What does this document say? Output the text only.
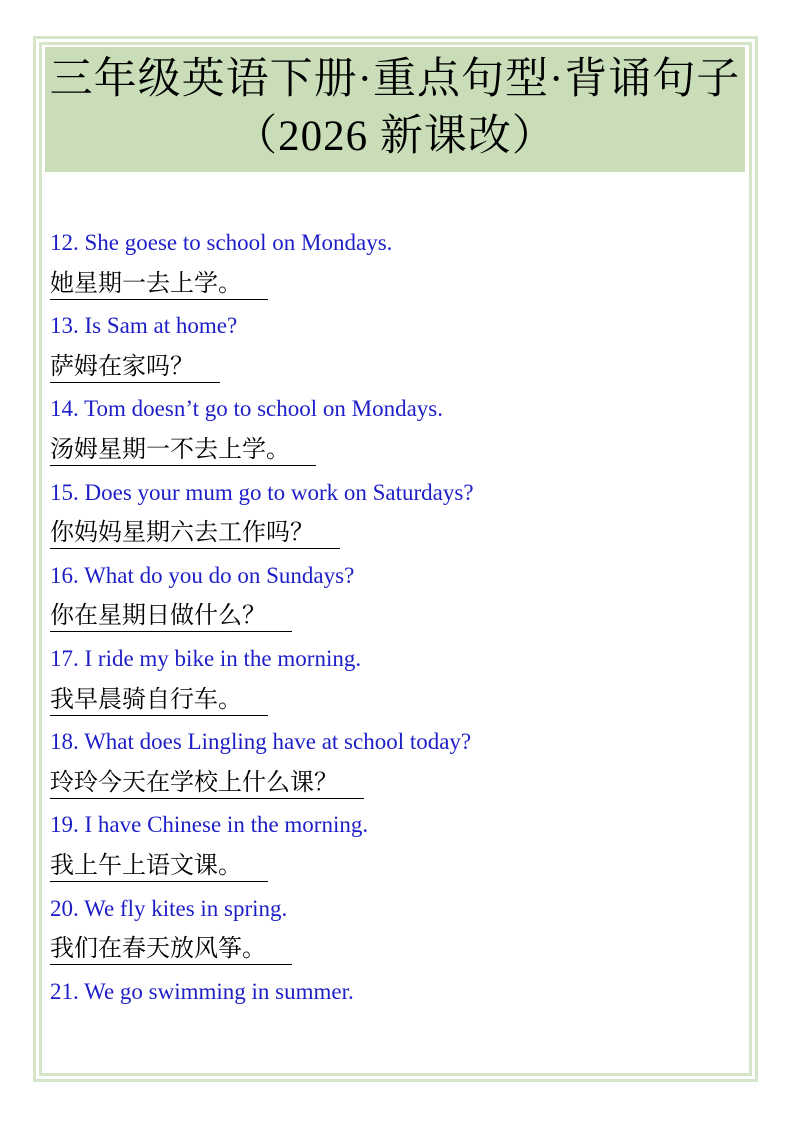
三年级英语下册·重点句型·背诵句子
（2026 新课改）
12. She goese to school on Mondays.
她星期一去上学。
13. Is Sam at home?
萨姆在家吗？
14. Tom doesn’t go to school on Mondays.
汤姆星期一不去上学。
15. Does your mum go to work on Saturdays?
你妈妈星期六去工作吗？
16. What do you do on Sundays?
你在星期日做什么？
17. I ride my bike in the morning.
我早晨骑自行车。
18. What does Lingling have at school today?
玲玲今天在学校上什么课？
19. I have Chinese in the morning.
我上午上语文课。
20. We fly kites in spring.
我们在春天放风筝。
21. We go swimming in summer.
